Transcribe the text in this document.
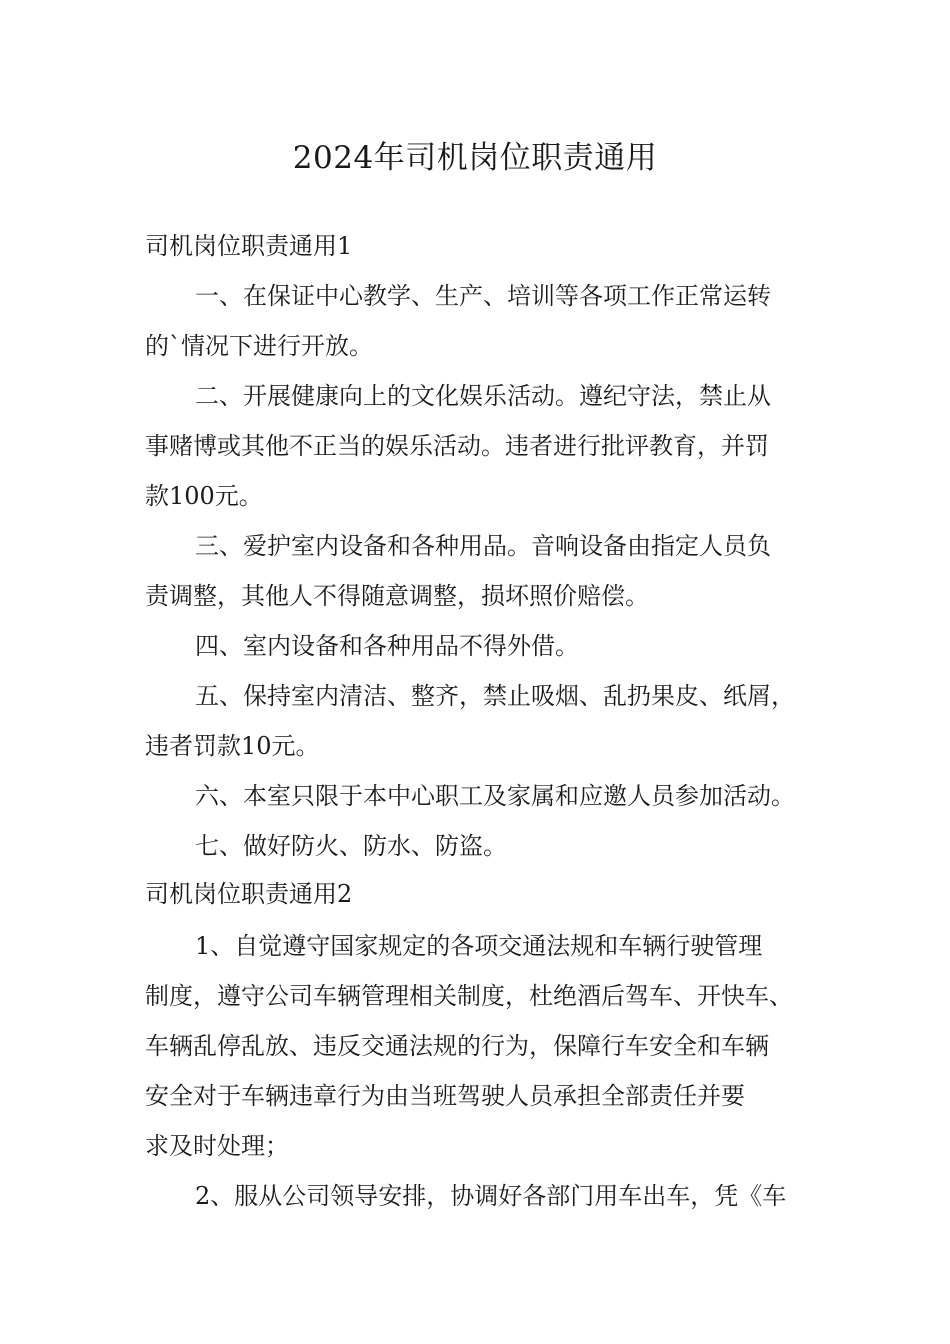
2024年司机岗位职责通用
司机岗位职责通用1
一、在保证中心教学、生产、培训等各项工作正常运转
的`情况下进行开放。
二、开展健康向上的文化娱乐活动。遵纪守法，禁止从
事赌博或其他不正当的娱乐活动。违者进行批评教育，并罚
款100元。
三、爱护室内设备和各种用品。音响设备由指定人员负
责调整，其他人不得随意调整，损坏照价赔偿。
四、室内设备和各种用品不得外借。
五、保持室内清洁、整齐，禁止吸烟、乱扔果皮、纸屑，
违者罚款10元。
六、本室只限于本中心职工及家属和应邀人员参加活动。
七、做好防火、防水、防盗。
司机岗位职责通用2
1、自觉遵守国家规定的各项交通法规和车辆行驶管理
制度，遵守公司车辆管理相关制度，杜绝酒后驾车、开快车、
车辆乱停乱放、违反交通法规的行为，保障行车安全和车辆
安全对于车辆违章行为由当班驾驶人员承担全部责任并要
求及时处理；
2、服从公司领导安排，协调好各部门用车出车，凭《车
